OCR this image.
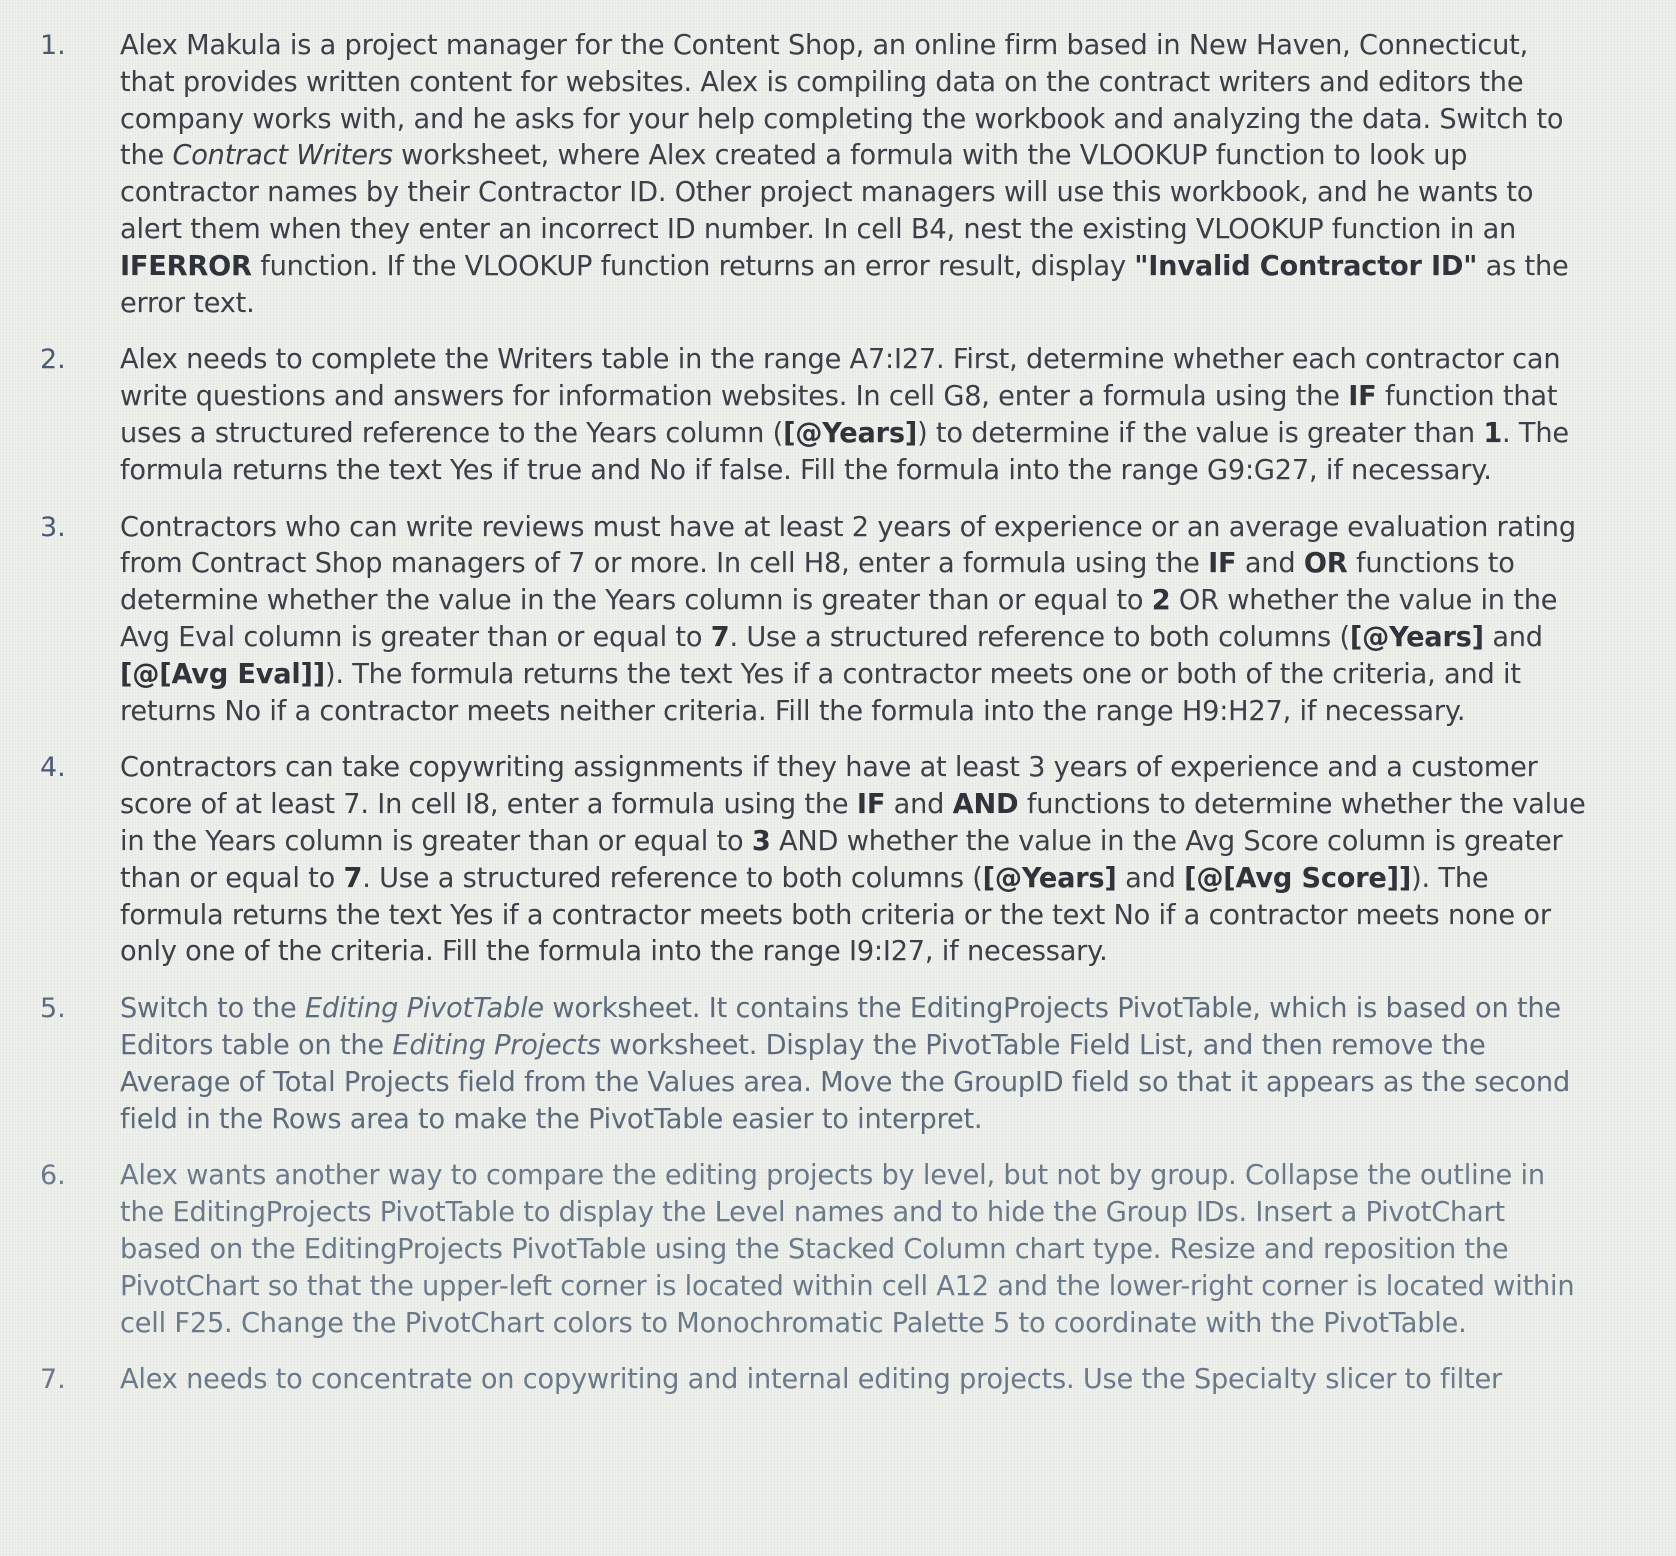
1. Alex Makula is a project manager for the Content Shop, an online firm based in New Haven, Connecticut, that provides written content for websites. Alex is compiling data on the contract writers and editors the company works with, and he asks for your help completing the workbook and analyzing the data. Switch to the Contract Writers worksheet, where Alex created a formula with the VLOOKUP function to look up contractor names by their Contractor ID. Other project managers will use this workbook, and he wants to alert them when they enter an incorrect ID number. In cell B4, nest the existing VLOOKUP function in an IFERROR function. If the VLOOKUP function returns an error result, display "Invalid Contractor ID" as the error text.
2. Alex needs to complete the Writers table in the range A7:I27. First, determine whether each contractor can write questions and answers for information websites. In cell G8, enter a formula using the IF function that uses a structured reference to the Years column ([@Years]) to determine if the value is greater than 1. The formula returns the text Yes if true and No if false. Fill the formula into the range G9:G27, if necessary.
3. Contractors who can write reviews must have at least 2 years of experience or an average evaluation rating from Contract Shop managers of 7 or more. In cell H8, enter a formula using the IF and OR functions to determine whether the value in the Years column is greater than or equal to 2 OR whether the value in the Avg Eval column is greater than or equal to 7. Use a structured reference to both columns ([@Years] and [@[Avg Eval]]). The formula returns the text Yes if a contractor meets one or both of the criteria, and it returns No if a contractor meets neither criteria. Fill the formula into the range H9:H27, if necessary.
4. Contractors can take copywriting assignments if they have at least 3 years of experience and a customer score of at least 7. In cell I8, enter a formula using the IF and AND functions to determine whether the value in the Years column is greater than or equal to 3 AND whether the value in the Avg Score column is greater than or equal to 7. Use a structured reference to both columns ([@Years] and [@[Avg Score]]). The formula returns the text Yes if a contractor meets both criteria or the text No if a contractor meets none or only one of the criteria. Fill the formula into the range I9:I27, if necessary.
5. Switch to the Editing PivotTable worksheet. It contains the EditingProjects PivotTable, which is based on the Editors table on the Editing Projects worksheet. Display the PivotTable Field List, and then remove the Average of Total Projects field from the Values area. Move the GroupID field so that it appears as the second field in the Rows area to make the PivotTable easier to interpret.
6. Alex wants another way to compare the editing projects by level, but not by group. Collapse the outline in the EditingProjects PivotTable to display the Level names and to hide the Group IDs. Insert a PivotChart based on the EditingProjects PivotTable using the Stacked Column chart type. Resize and reposition the PivotChart so that the upper-left corner is located within cell A12 and the lower-right corner is located within cell F25. Change the PivotChart colors to Monochromatic Palette 5 to coordinate with the PivotTable.
7. Alex needs to concentrate on copywriting and internal editing projects. Use the Specialty slicer to filter
